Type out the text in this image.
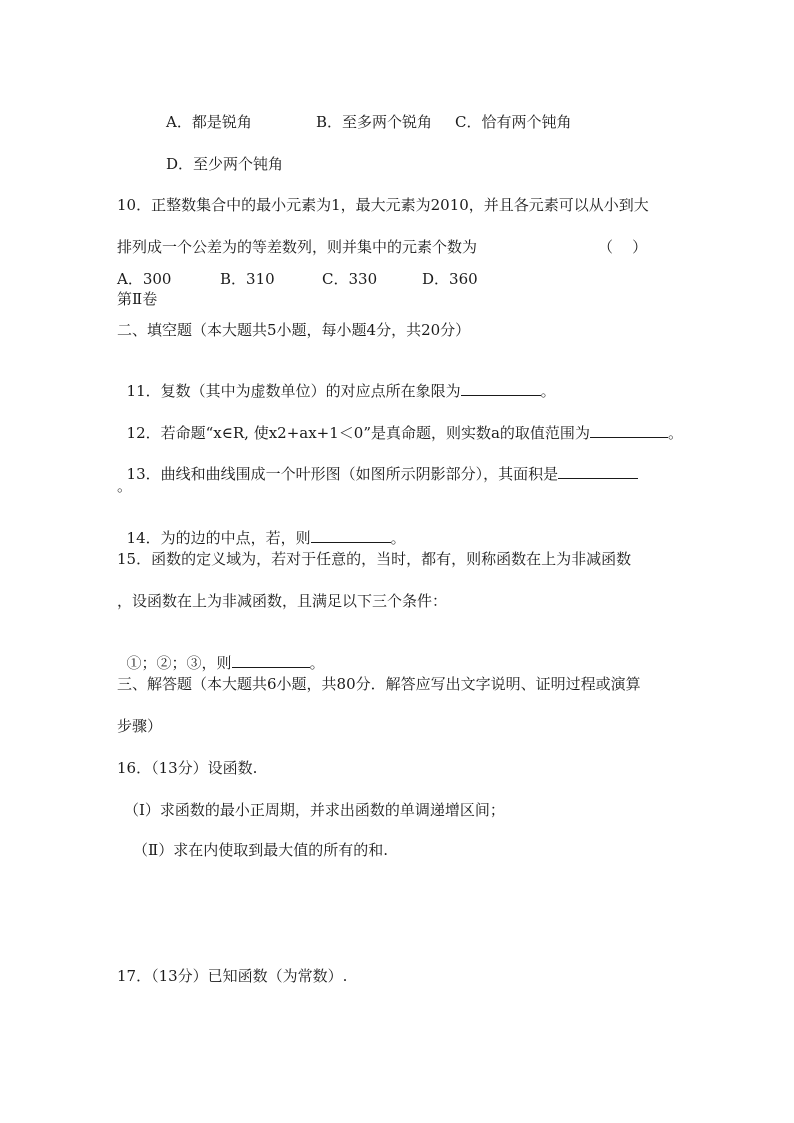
A．都是锐角	B．至多两个锐角 C．恰有两个钝角
D．至少两个钝角
10．正整数集合中的最小元素为1，最大元素为2010，并且各元素可以从小到大
排列成一个公差为的等差数列，则并集中的元素个数为	（    ）
A．300	B．310	C．330	D．360
第Ⅱ卷
二、填空题（本大题共5小题，每小题4分，共20分）

11．复数（其中为虚数单位）的对应点所在象限为	。

12．若命题“x∈R, 使x2+ax+1＜0”是真命题，则实数a的取值范围为	。

13．曲线和曲线围成一个叶形图（如图所示阴影部分），其面积是

。

14．为的边的中点，若，则	。

15．函数的定义域为，若对于任意的，当时，都有，则称函数在上为非减函数
，设函数在上为非减函数，且满足以下三个条件：

①；②；③，则	。

三、解答题（本大题共6小题，共80分．解答应写出文字说明、证明过程或演算
步骤）
16．（13分）设函数.
（Ⅰ）求函数的最小正周期，并求出函数的单调递增区间；
（Ⅱ）求在内使取到最大值的所有的和.
17．（13分）已知函数（为常数）.
